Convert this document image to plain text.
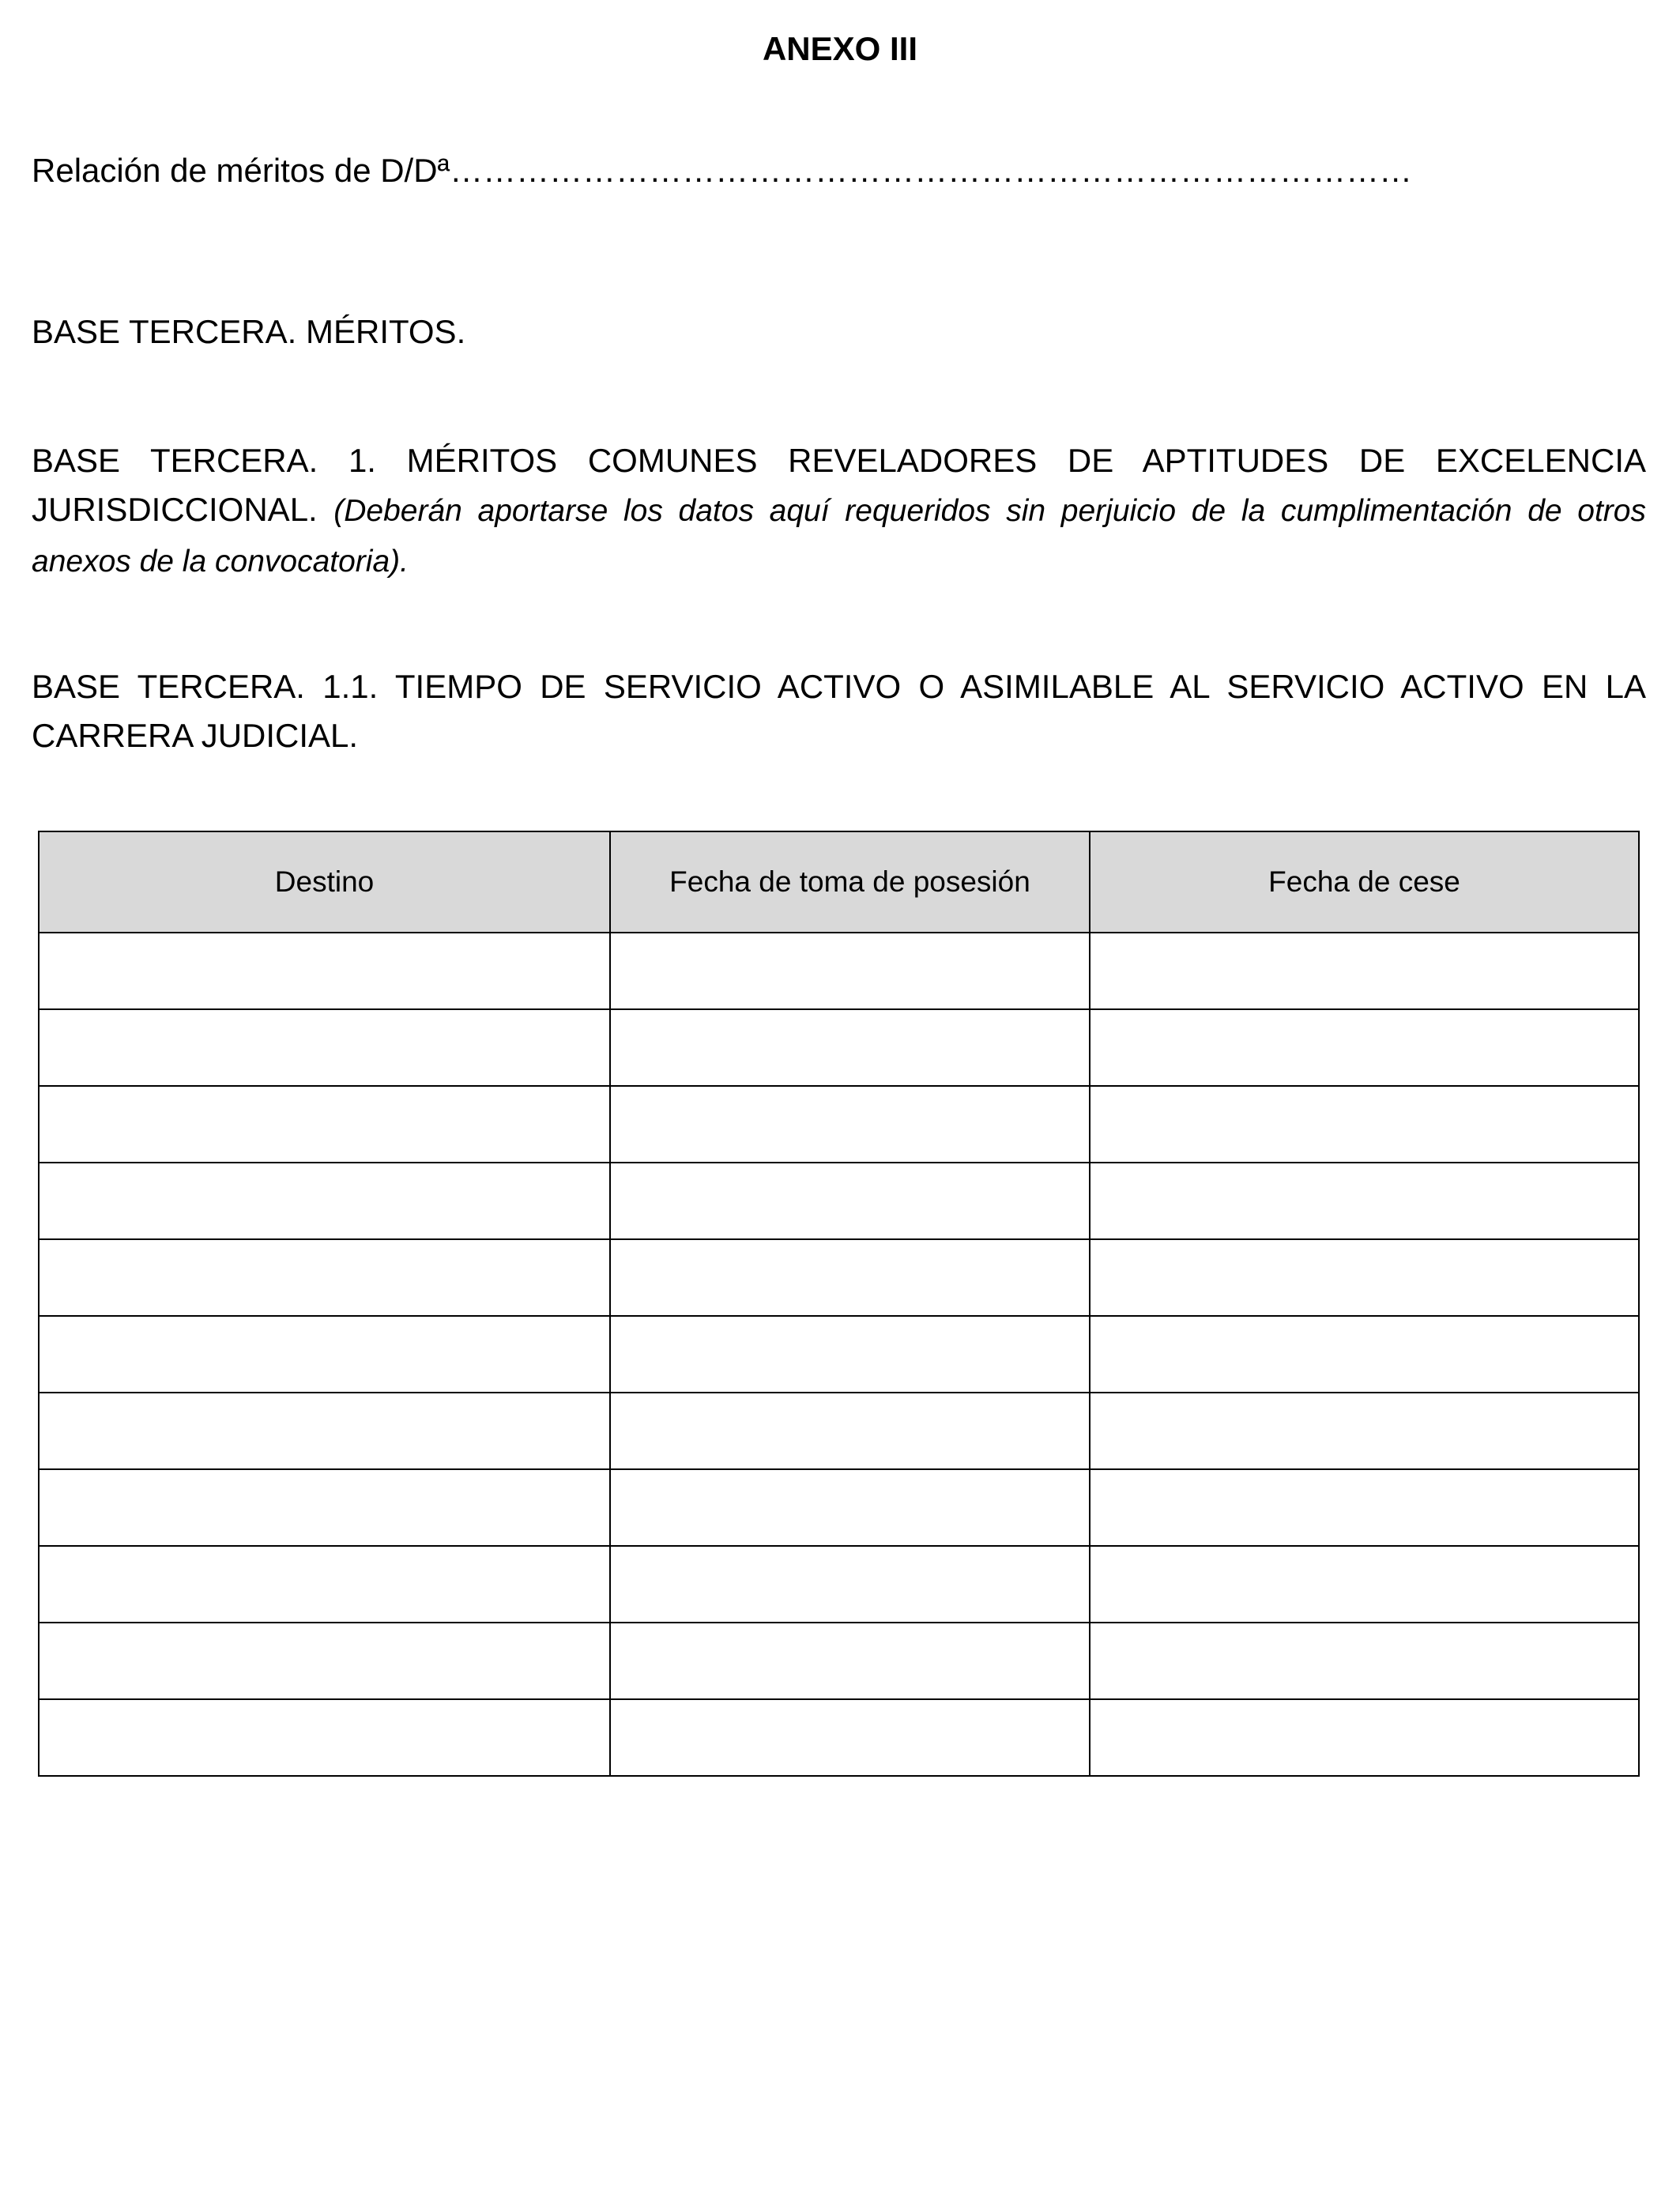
ANEXO III
Relación de méritos de D/Dª……………………………………………………………………………
BASE TERCERA. MÉRITOS.
BASE TERCERA. 1. MÉRITOS COMUNES REVELADORES DE APTITUDES DE EXCELENCIA JURISDICCIONAL. (Deberán aportarse los datos aquí requeridos sin perjuicio de la cumplimentación de otros anexos de la convocatoria).
BASE TERCERA. 1.1. TIEMPO DE SERVICIO ACTIVO O ASIMILABLE AL SERVICIO ACTIVO EN LA CARRERA JUDICIAL.
Destino	Fecha de toma de posesión	Fecha de cese
